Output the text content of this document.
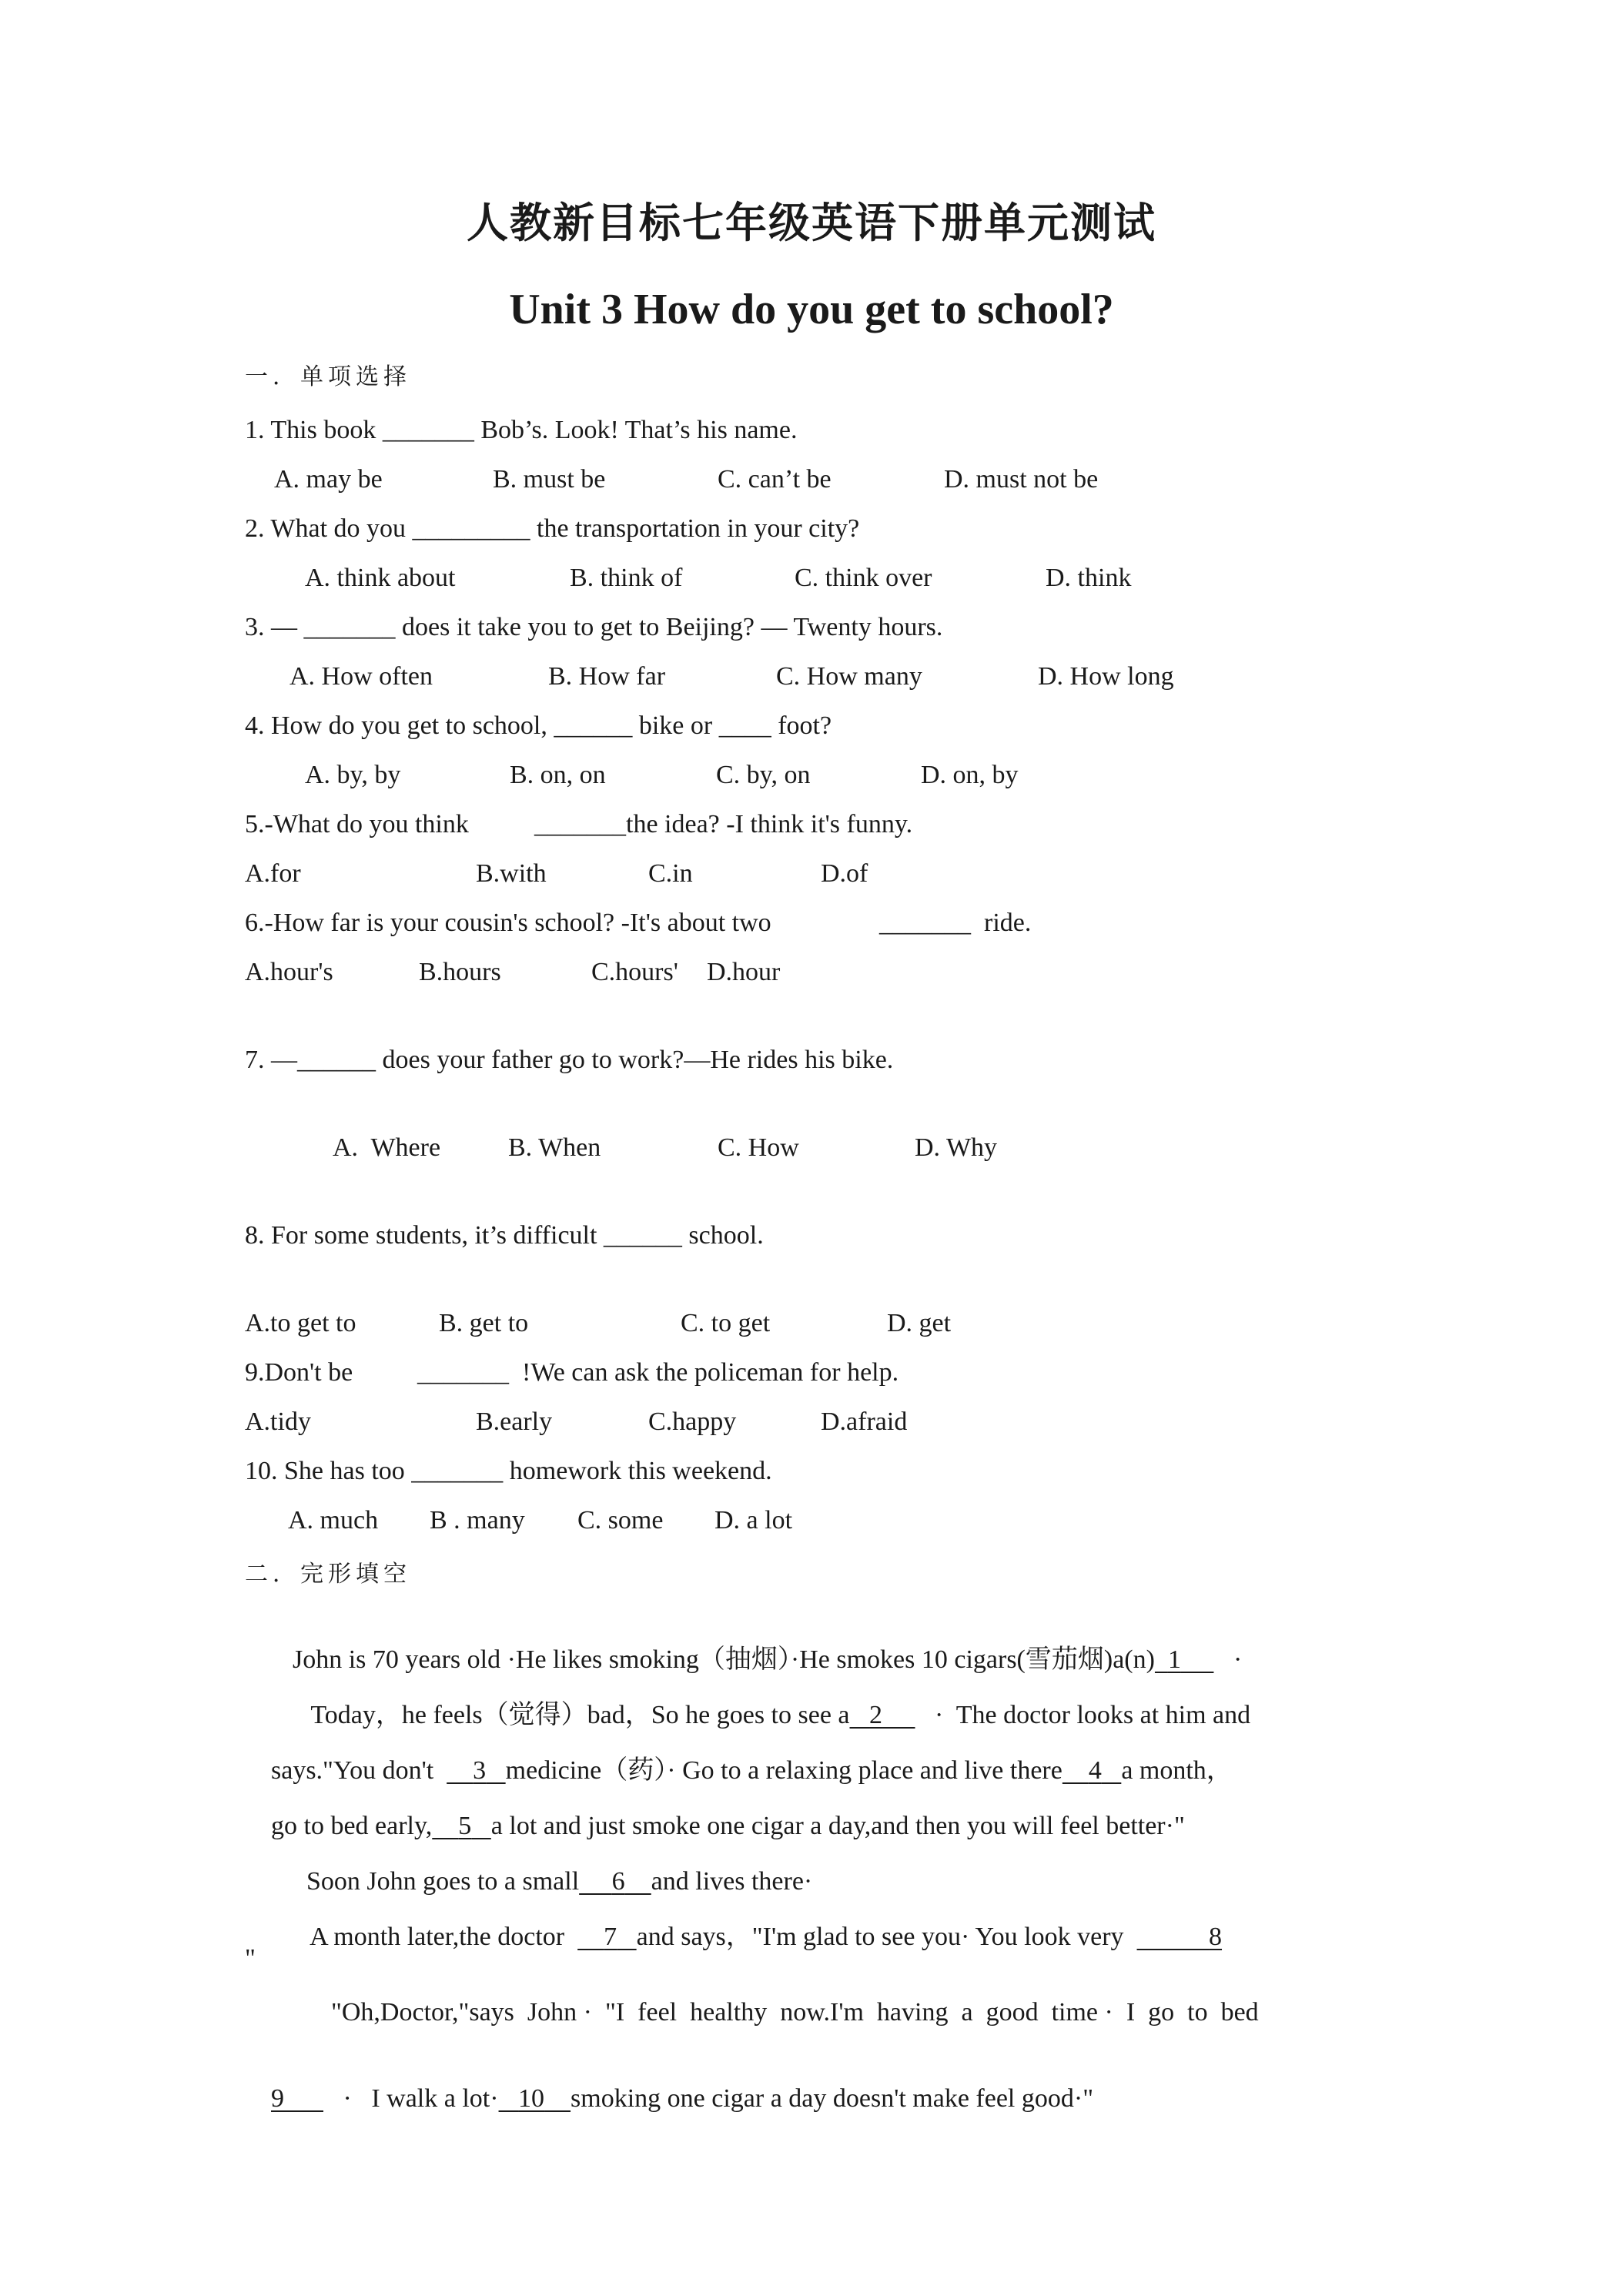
人教新目标七年级英语下册单元测试
Unit 3 How do you get to school?
一．单项选择
1. This book _______ Bob’s. Look! That’s his name.
A. may be	B. must be	C. can’t be	D. must not be
2. What do you _________ the transportation in your city?
A. think about	B. think of	C. think over	D. think
3. — _______ does it take you to get to Beijing? — Twenty hours.
A. How often	B. How far	C. How many	D. How long
4. How do you get to school, ______ bike or ____ foot?
A. by, by	B. on, on	C. by, on	D. on, by
5.-What do you think	_______the idea? -I think it's funny.
A.for	B.with	C.in	D.of
6.-How far is your cousin's school? -It's about two	_______  ride.
A.hour's	B.hours	C.hours' D.hour
7. —______ does your father go to work?—He rides his bike.
A.  Where	B. When	C. How	D. Why
8. For some students, it’s difficult ______ school.
A.to get to	B. get to	C. to get	D. get
9.Don't be _______  !We can ask the policeman for help.
A.tidy	B.early	C.happy	D.afraid
10. She has too _______ homework this weekend.
A. much B . many C. some D. a lot
二．完形填空

John is 70 years old ·He likes smoking（抽烟）·He smokes 10 cigars(雪茄烟)a(n) 1 ·

Today，he feels（觉得）bad，So he goes to see a 2 ·  The doctor looks at him and

says."You don't 3 medicine（药）· Go to a relaxing place and live there 4 a month，

go to bed early, 5 a lot and just smoke one cigar a day,and then you will feel better·"

Soon John goes to a small 6 and lives there·

A month later,the doctor 7 and says，"I'm glad to see you· You look very	8

"
"Oh,Doctor,"says  John ·  "I  feel  healthy  now.I'm  having  a  good  time ·  I  go  to  bed

9 ·   I walk a lot· 10 smoking one cigar a day doesn't make feel good·"
